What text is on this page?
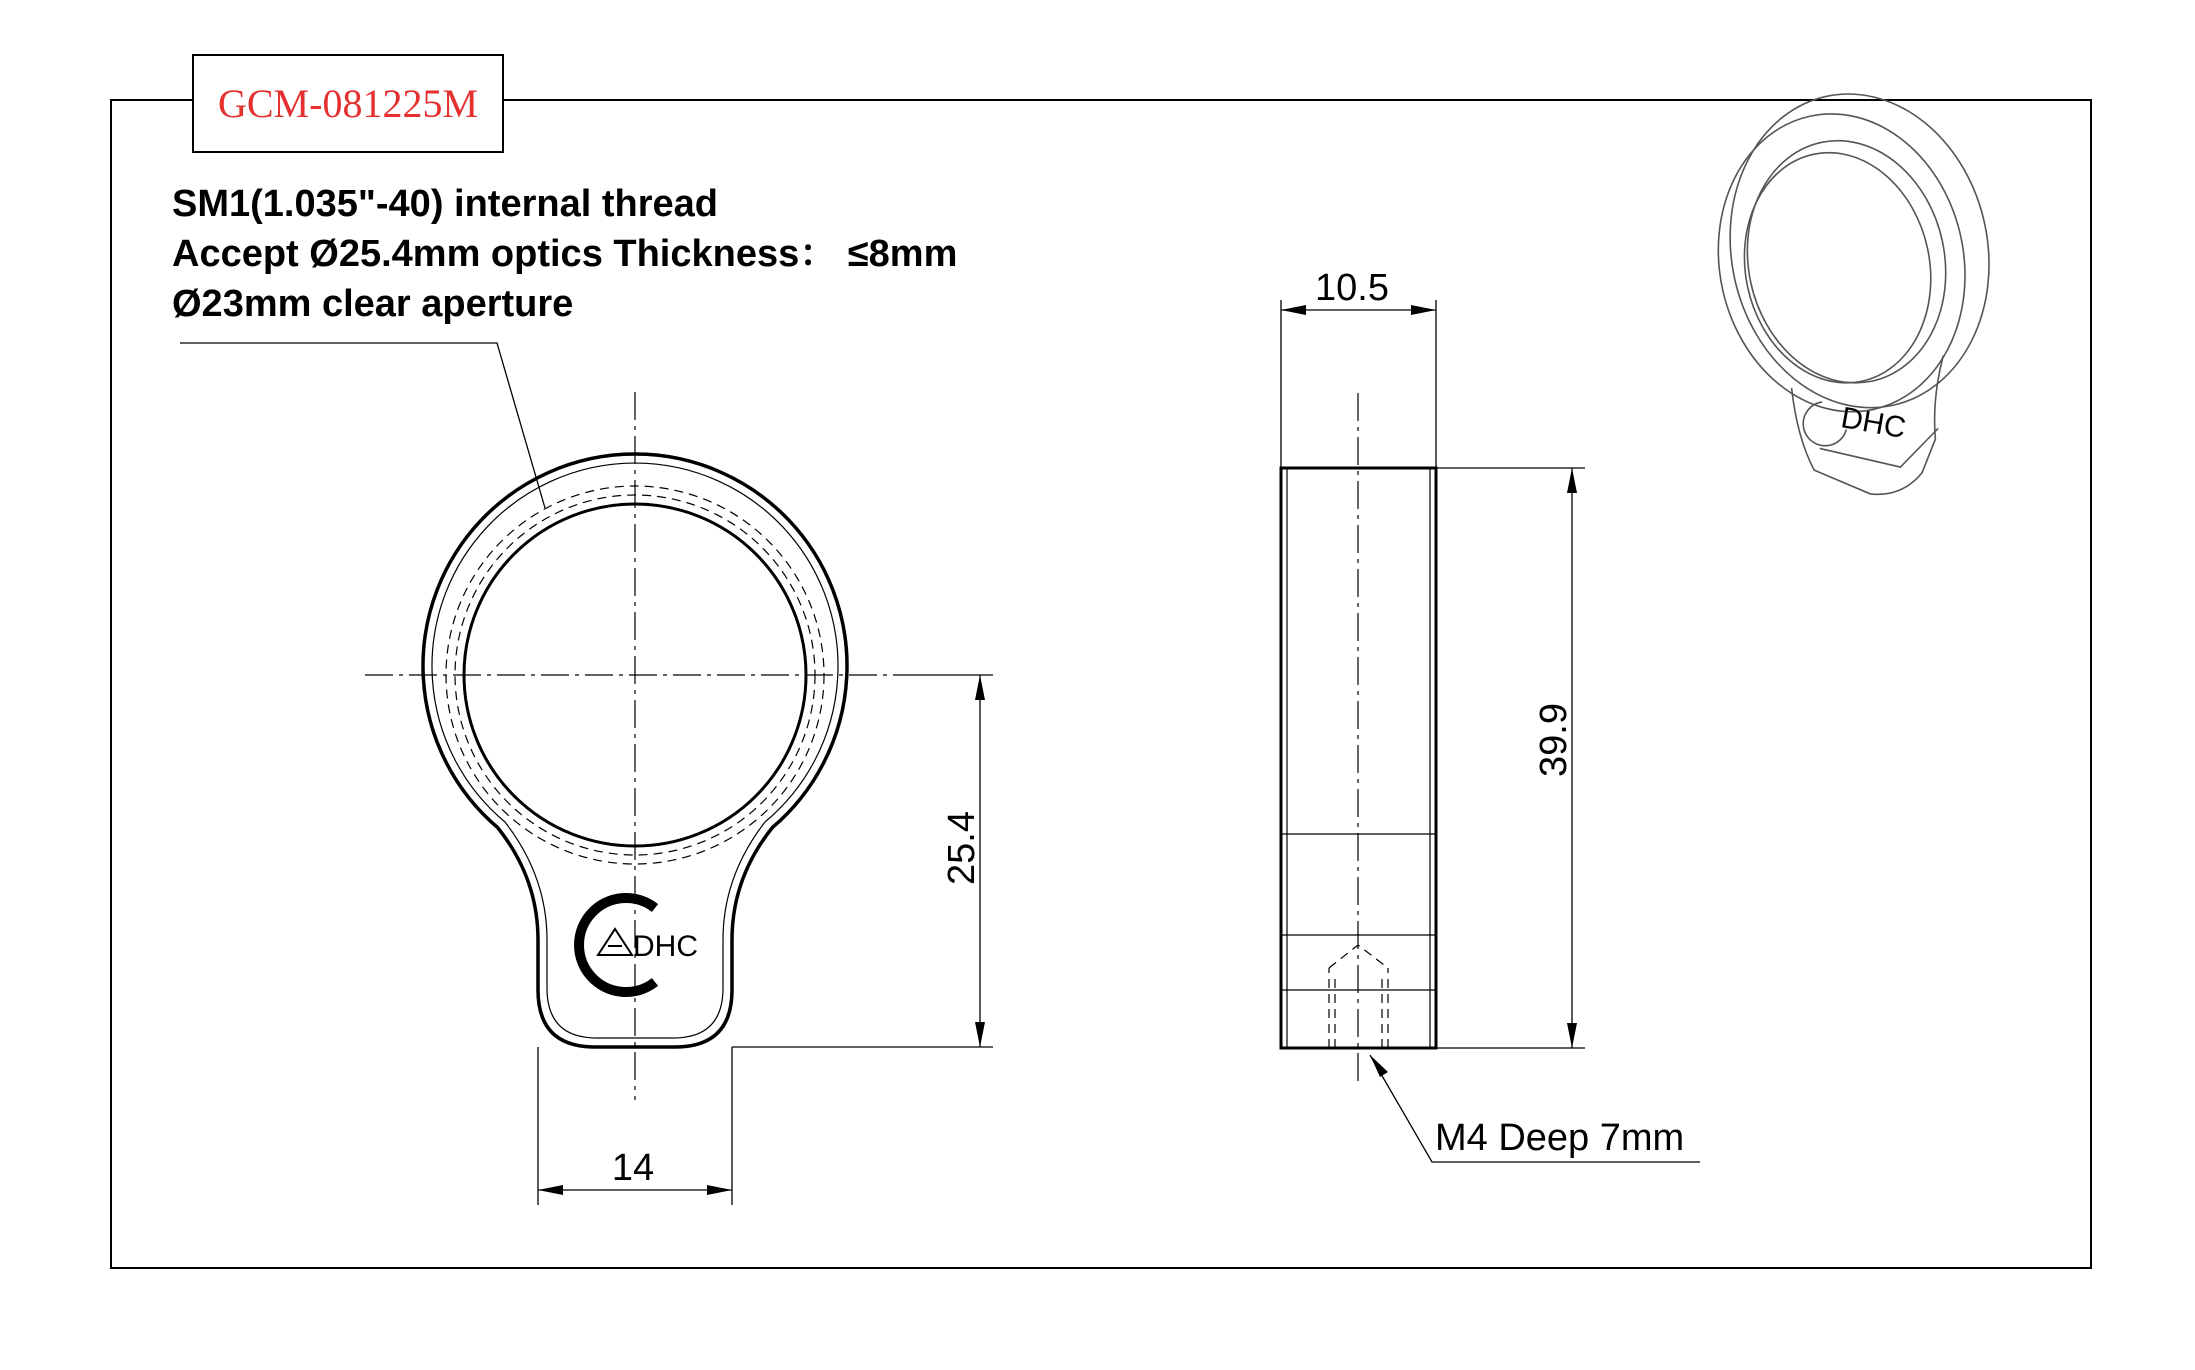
SM1(1.035"-40) internal thread
Accept Ø25.4mm optics Thickness： ≤8mm
Ø23mm clear aperture
DHC
25.4
14
10.5
39.9
M4 Deep 7mm
DHC
GCM-081225M
